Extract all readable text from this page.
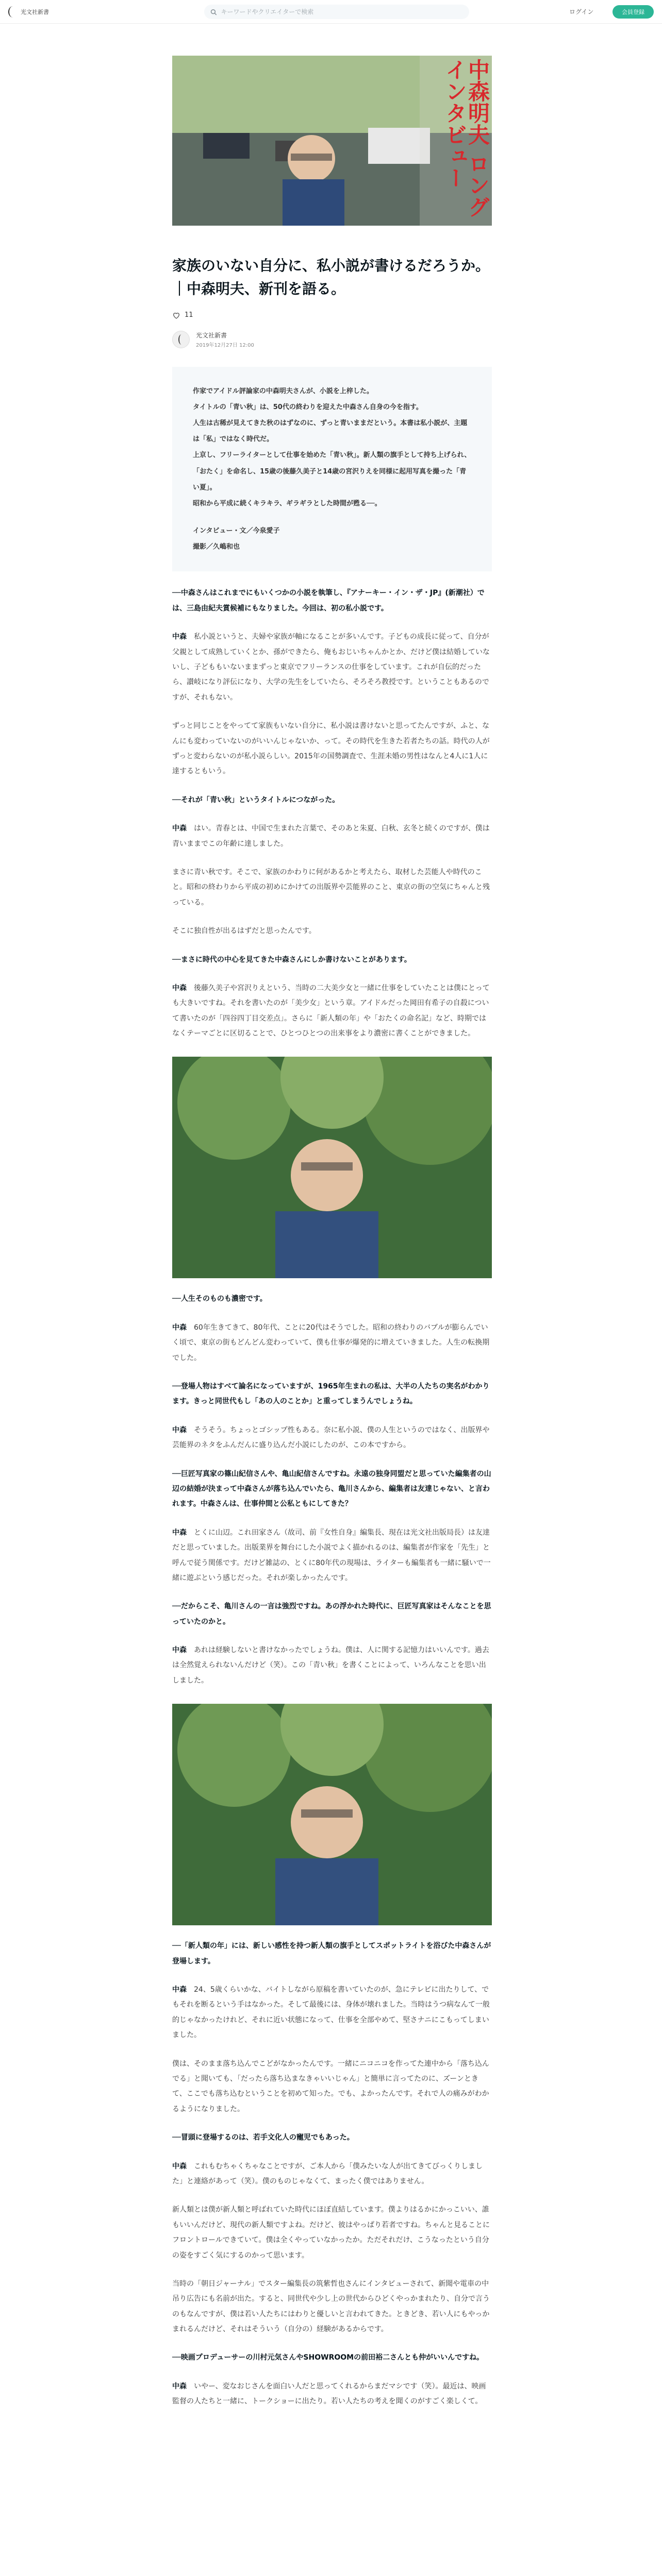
光文社新書
キーワードやクリエイターで検索	ログイン	会員登録
中森明夫 ロングインタビュー
家族のいない自分に、私小説が書けるだろうか。｜中森明夫、新刊を語る。
11
光文社新書
2019年12月27日 12:00

作家でアイドル評論家の中森明夫さんが、小説を上梓した。

タイトルの「青い秋」は、50代の終わりを迎えた中森さん自身の今を指す。

人生は古稀が見えてきた秋のはずなのに、ずっと青いままだという。本書は私小説が、主題は「私」ではなく時代だ。

上京し、フリーライターとして仕事を始めた「青い秋」。新人類の旗手として持ち上げられ、「おたく」を命名し、15歳の後藤久美子と14歳の宮沢りえを同様に起用写真を撮った「青い夏」。

昭和から平成に続くキラキラ、ギラギラとした時間が甦る──。

インタビュー・文／今泉愛子

撮影／久嶋和也

──中森さんはこれまでにもいくつかの小説を執筆し、『アナーキー・イン・ザ・JP』(新潮社）では、三島由紀夫賞候補にもなりました。今回は、初の私小説です。

中森　 私小説というと、夫婦や家族が軸になることが多いんです。子どもの成長に従って、自分が父親として成熟していくとか、孫ができたら、俺もおじいちゃんかとか、だけど僕は結婚していないし、子どももいないままずっと東京でフリーランスの仕事をしています。これが自伝的だったら、讃岐になり評伝になり、大学の先生をしていたら、そろそろ教授です。ということもあるのですが、それもない。

ずっと同じことをやってて家族もいない自分に、私小説は書けないと思ってたんですが、ふと、なんにも変わっていないのがいいんじゃないか、って。その時代を生きた若者たちの話。時代の人がずっと変わらないのが私小説らしい。2015年の国勢調査で、生涯未婚の男性はなんと4人に1人に達するともいう。

──それが「青い秋」というタイトルにつながった。

中森　 はい。青春とは、中国で生まれた言葉で、そのあと朱夏、白秋、玄冬と続くのですが、僕は青いままでこの年齢に達しました。

まさに青い秋です。そこで、家族のかわりに何があるかと考えたら、取材した芸能人や時代のこと。昭和の終わりから平成の初めにかけての出版界や芸能界のこと、東京の街の空気にちゃんと残っている。

そこに独自性が出るはずだと思ったんです。

──まさに時代の中心を見てきた中森さんにしか書けないことがあります。

中森　 後藤久美子や宮沢りえという、当時の二大美少女と一緒に仕事をしていたことは僕にとっても大きいですね。それを書いたのが「美少女」という章。アイドルだった岡田有希子の自殺について書いたのが「四谷四丁目交差点」。さらに「新人類の年」や「おたくの命名記」など、時期ではなくテーマごとに区切ることで、ひとつひとつの出来事をより濃密に書くことができました。

──人生そのものも濃密です。

中森　 60年生きてきて、80年代、ことに20代はそうでした。昭和の終わりのバブルが膨らんでいく頃で、東京の街もどんどん変わっていて、僕も仕事が爆発的に増えていきました。人生の転換期でした。

──登場人物はすべて論名になっていますが、1965年生まれの私は、大半の人たちの実名がわかります。きっと同世代もし「あの人のことか」と重ってしまうんでしょうね。

中森　 そうそう。ちょっとゴシップ性もある。奈に私小説、僕の人生というのではなく、出版界や芸能界のネタをふんだんに盛り込んだ小説にしたのが、この本ですから。

──巨匠写真家の篠山紀信さんや、亀山紀信さんですね。永遠の独身同盟だと思っていた編集者の山辺の結婚が決まって中森さんが落ち込んでいたら、亀川さんから、編集者は友達じゃない、と言われます。中森さんは、仕事仲間と公私ともにしてきた？

中森　 とくに山辺。これ田家さん（故司、前『女性自身』編集長、現在は光文社出版局長）は友達だと思っていました。出版業界を舞台にした小説でよく描かれるのは、編集者が作家を「先生」と呼んで従う関係です。だけど雑誌の、とくに80年代の現場は、ライターも編集者も一緒に騒いで一緒に遊ぶという感じだった。それが楽しかったんです。

──だからこそ、亀川さんの一言は強烈ですね。あの浮かれた時代に、巨匠写真家はそんなことを思っていたのかと。

中森　 あれは経験しないと書けなかったでしょうね。僕は、人に関する記憶力はいいんです。過去は全然覚えられないんだけど（笑）。この「青い秋」を書くことによって、いろんなことを思い出しました。

──「新人類の年」には、新しい感性を持つ新人類の旗手としてスポットライトを浴びた中森さんが登場します。

中森　 24、5歳くらいかな、バイトしながら原稿を書いていたのが、急にテレビに出たりして、でもそれを断るという手はなかった。そして最後には、身体が壊れました。当時はうつ病なんて一般的じゃなかったけれど、それに近い状態になって、仕事を全部やめて、堅さナニにこもってしまいました。

僕は、そのまま落ち込んでこどがなかったんです。一緒にニコニコを作ってた連中から「落ち込んでる」と聞いても、「だったら落ち込まなきゃいいじゃん」と簡単に言ってたのに、ズーンときて、ここでも落ち込むということを初めて知った。でも、よかったんです。それで人の痛みがわかるようになりました。

──冒頭に登場するのは、若手文化人の寵児でもあった。

中森　 これもむちゃくちゃなことですが、ご本人から「僕みたいな人が出てきてびっくりしました」と連絡があって（笑）。僕のものじゃなくて、まったく僕ではありません。

新人類とは僕が新人類と呼ばれていた時代にほぼ直結しています。僕よりはるかにかっこいい、誰もいいんだけど、現代の新人類ですよね。だけど、彼はやっぱり若者ですね。ちゃんと見ることにフロントロールできていて。僕は全くやっていなかったか。ただそれだけ、こうなったという自分の姿をすごく気にするのかって思います。

当時の「朝日ジャーナル」でスター編集長の筑紫哲也さんにインタビューされて、新聞や電車の中吊り広告にも名前が出た。すると、同世代や少し上の世代からひどくやっかまれたり、自分で言うのもなんですが、僕は若い人たちにはわりと優しいと言われてきた。ときどき、若い人にもやっかまれるんだけど、それはそういう（自分の）経験があるからです。

──映画プロデューサーの川村元気さんやSHOWROOMの前田裕二さんとも仲がいいんですね。

中森　 いやー、変なおじさんを面白い人だと思ってくれるからまだマシです（笑）。最近は、映画監督の人たちと一緒に、トークショーに出たり。若い人たちの考えを聞くのがすごく楽しくて。
